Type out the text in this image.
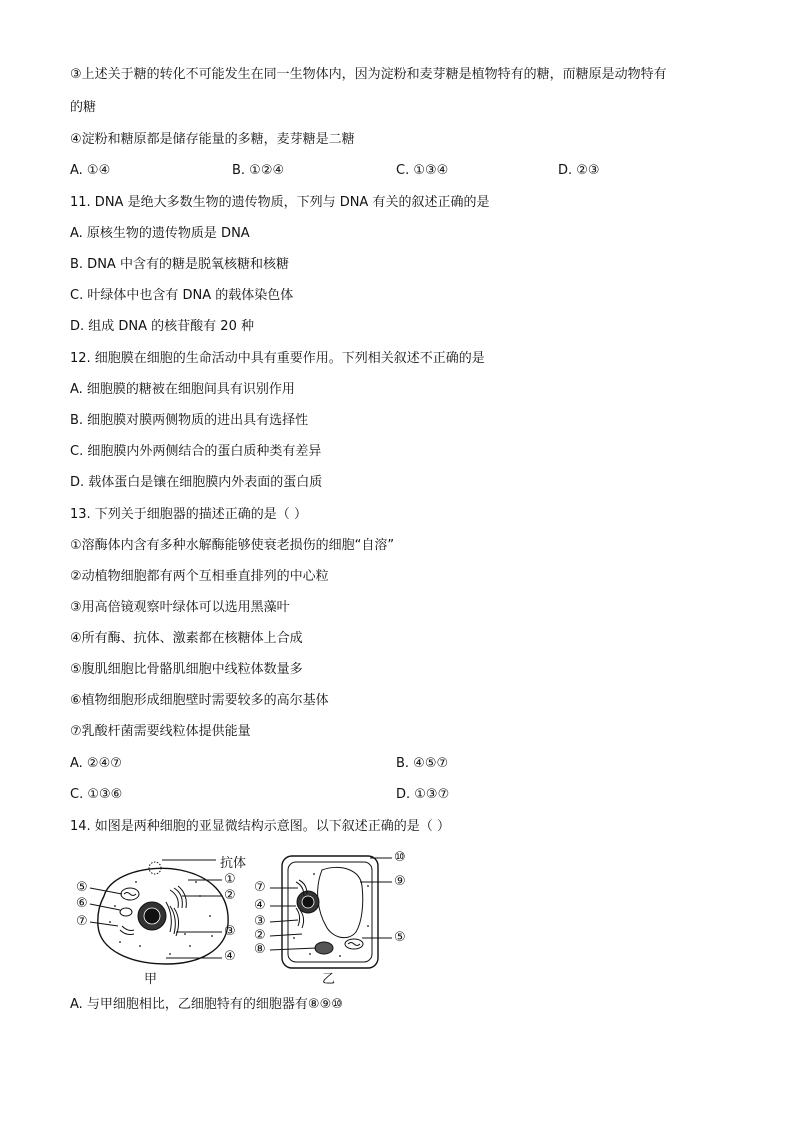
③上述关于糖的转化不可能发生在同一生物体内，因为淀粉和麦芽糖是植物特有的糖，而糖原是动物特有
的糖
④淀粉和糖原都是储存能量的多糖，麦芽糖是二糖
A. ①④	B. ①②④	C. ①③④	D. ②③
11. DNA 是绝大多数生物的遗传物质，下列与 DNA 有关的叙述正确的是
A. 原核生物的遗传物质是 DNA
B. DNA 中含有的糖是脱氧核糖和核糖
C. 叶绿体中也含有 DNA 的载体染色体
D. 组成 DNA 的核苷酸有 20 种
12. 细胞膜在细胞的生命活动中具有重要作用。下列相关叙述不正确的是
A. 细胞膜的糖被在细胞间具有识别作用
B. 细胞膜对膜两侧物质的进出具有选择性
C. 细胞膜内外两侧结合的蛋白质种类有差异
D. 载体蛋白是镶在细胞膜内外表面的蛋白质
13. 下列关于细胞器的描述正确的是（ ）
①溶酶体内含有多种水解酶能够使衰老损伤的细胞“自溶”
②动植物细胞都有两个互相垂直排列的中心粒
③用高倍镜观察叶绿体可以选用黑藻叶
④所有酶、抗体、激素都在核糖体上合成
⑤腹肌细胞比骨骼肌细胞中线粒体数量多
⑥植物细胞形成细胞壁时需要较多的高尔基体
⑦乳酸杆菌需要线粒体提供能量
A. ②④⑦	B. ④⑤⑦
C. ①③⑥	D. ①③⑦
14. 如图是两种细胞的亚显微结构示意图。以下叙述正确的是（ ）
抗体
①
②
③
④
⑤
⑥
⑦
甲
⑩
⑨
⑤
⑦
④
③
②
⑧
乙
A. 与甲细胞相比，乙细胞特有的细胞器有⑧⑨⑩
